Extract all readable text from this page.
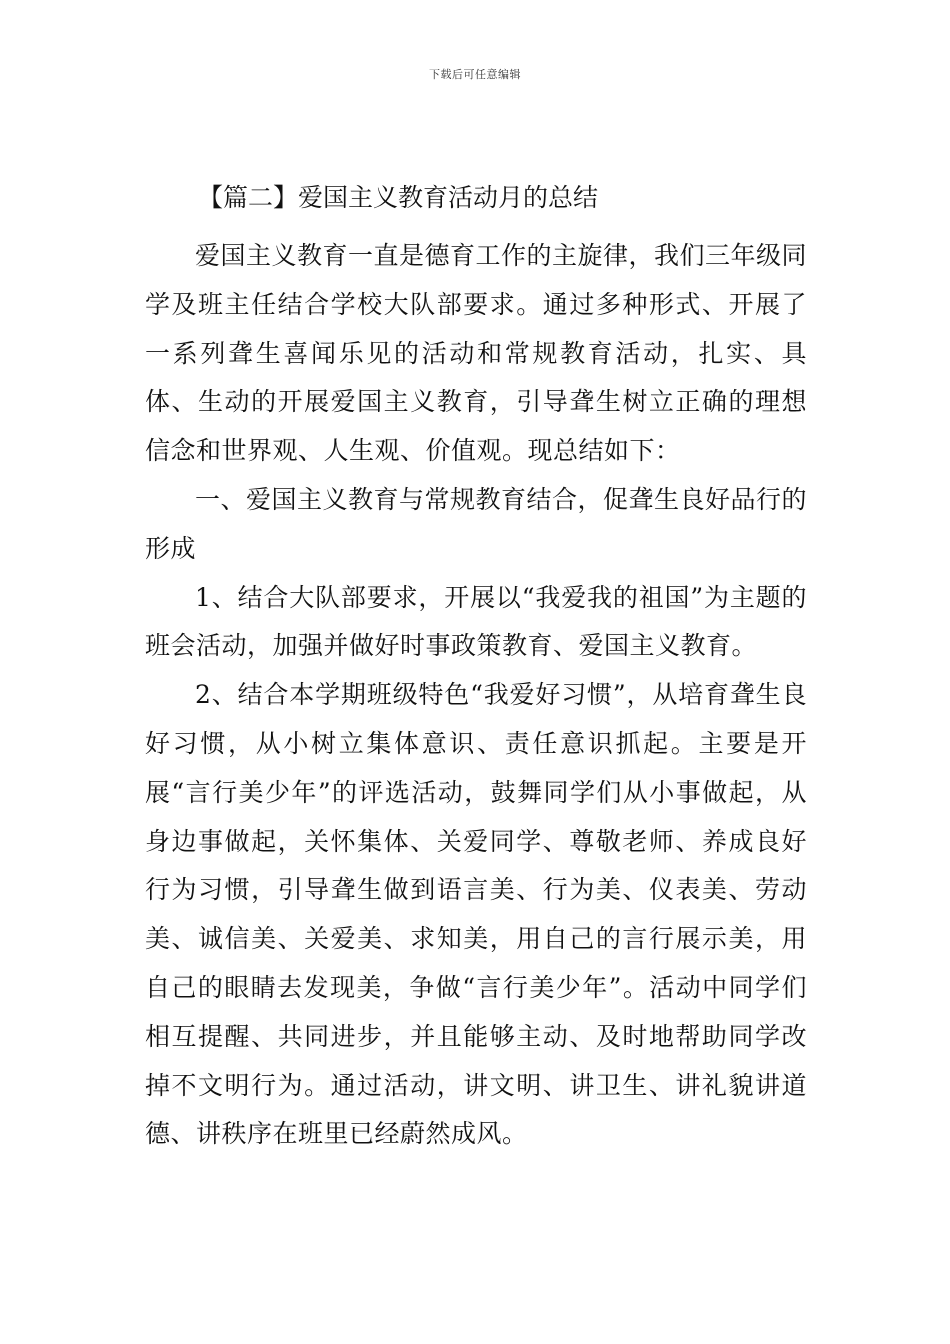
下载后可任意编辑
【篇二】爱国主义教育活动月的总结

爱国主义教育一直是德育工作的主旋律，我们三年级同学及班主任结合学校大队部要求。通过多种形式、开展了一系列聋生喜闻乐见的活动和常规教育活动，扎实、具体、生动的开展爱国主义教育，引导聋生树立正确的理想信念和世界观、人生观、价值观。现总结如下：

一、爱国主义教育与常规教育结合，促聋生良好品行的形成

1、结合大队部要求，开展以“我爱我的祖国”为主题的班会活动，加强并做好时事政策教育、爱国主义教育。

2、结合本学期班级特色“我爱好习惯”，从培育聋生良好习惯，从小树立集体意识、责任意识抓起。主要是开展“言行美少年”的评选活动，鼓舞同学们从小事做起，从身边事做起，关怀集体、关爱同学、尊敬老师、养成良好行为习惯，引导聋生做到语言美、行为美、仪表美、劳动美、诚信美、关爱美、求知美，用自己的言行展示美，用自己的眼睛去发现美，争做“言行美少年”。活动中同学们相互提醒、共同进步，并且能够主动、及时地帮助同学改掉不文明行为。通过活动，讲文明、讲卫生、讲礼貌讲道德、讲秩序在班里已经蔚然成风。
